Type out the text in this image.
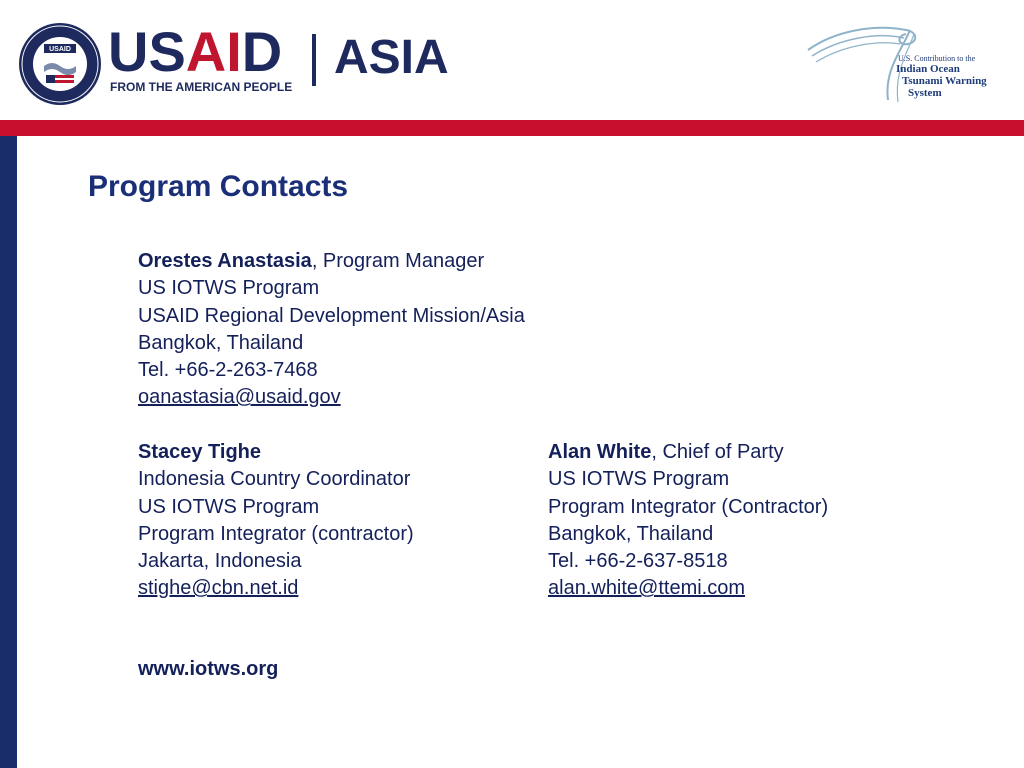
USAID USAID
FROM THE AMERICAN PEOPLE
ASIA	U.S. Contribution to the
Indian Ocean
Tsunami Warning
System
Program Contacts
Orestes Anastasia, Program Manager
US IOTWS Program
USAID Regional Development Mission/Asia
Bangkok, Thailand
Tel. +66-2-263-7468
oanastasia@usaid.gov
Stacey Tighe
Indonesia Country Coordinator
US IOTWS Program
Program Integrator (contractor)
Jakarta, Indonesia
stighe@cbn.net.id
Alan White, Chief of Party
US IOTWS Program
Program Integrator (Contractor)
Bangkok, Thailand
Tel. +66-2-637-8518
alan.white@ttemi.com
www.iotws.org
